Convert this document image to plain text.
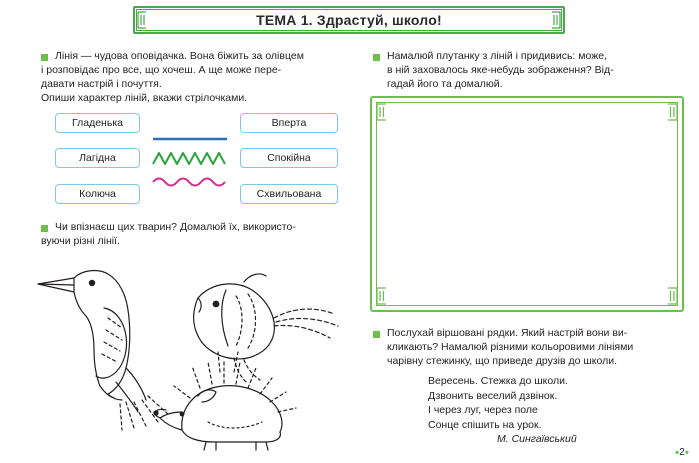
ТЕМА 1. Здрастуй, школо!
Лінія — чудова оповідачка. Вона біжить за олівцем
і розповідає про все, що хочеш. А ще може пере-
давати настрій і почуття.
Опиши характер ліній, вкажи стрілочками.
Гладенька
Лагідна
Колюча
Вперта
Спокійна
Схвильована
Чи впізнаєш цих тварин? Домалюй їх, використо-
вуючи різні лінії.
Намалюй плутанку з ліній і придивись: може,
в ній заховалось яке-небудь зображення? Від-
гадай його та домалюй.
Послухай віршовані рядки. Який настрій вони ви-
кликають? Намалюй різними кольоровими лініями
чарівну стежинку, що приведе друзів до школи.
Вересень. Стежка до школи.
Дзвонить веселий дзвінок.
І через луг, через поле
Сонце спішить на урок.
М. Сингаївський
•2•
